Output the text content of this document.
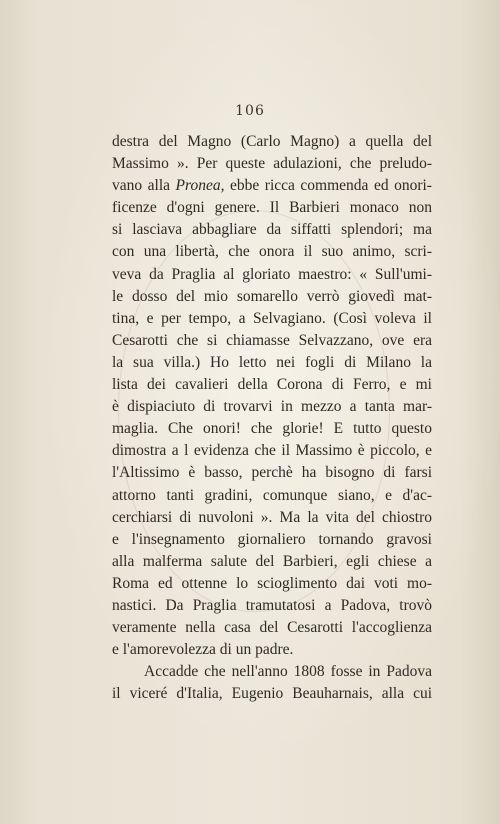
106
destra del Magno (Carlo Magno) a quella del
Massimo ». Per queste adulazioni, che preludo-
vano alla Pronea, ebbe ricca commenda ed onori-
ficenze d'ogni genere. Il Barbieri monaco non
si lasciava abbagliare da siffatti splendori; ma
con una libertà, che onora il suo animo, scri-
veva da Praglia al gloriato maestro: « Sull'umi-
le dosso del mio somarello verrò giovedì mat-
tina, e per tempo, a Selvagiano. (Così voleva il
Cesarotti che si chiamasse Selvazzano, ove era
la sua villa.) Ho letto nei fogli di Milano la
lista dei cavalieri della Corona di Ferro, e mi
è dispiaciuto di trovarvi in mezzo a tanta mar-
maglia. Che onori! che glorie! E tutto questo
dimostra a l evidenza che il Massimo è piccolo, e
l'Altissimo è basso, perchè ha bisogno di farsi
attorno tanti gradini, comunque siano, e d'ac-
cerchiarsi di nuvoloni ». Ma la vita del chiostro
e l'insegnamento giornaliero tornando gravosi
alla malferma salute del Barbieri, egli chiese a
Roma ed ottenne lo scioglimento dai voti mo-
nastici. Da Praglia tramutatosi a Padova, trovò
veramente nella casa del Cesarotti l'accoglienza
e l'amorevolezza di un padre.
Accadde che nell'anno 1808 fosse in Padova
il viceré d'Italia, Eugenio Beauharnais, alla cui
